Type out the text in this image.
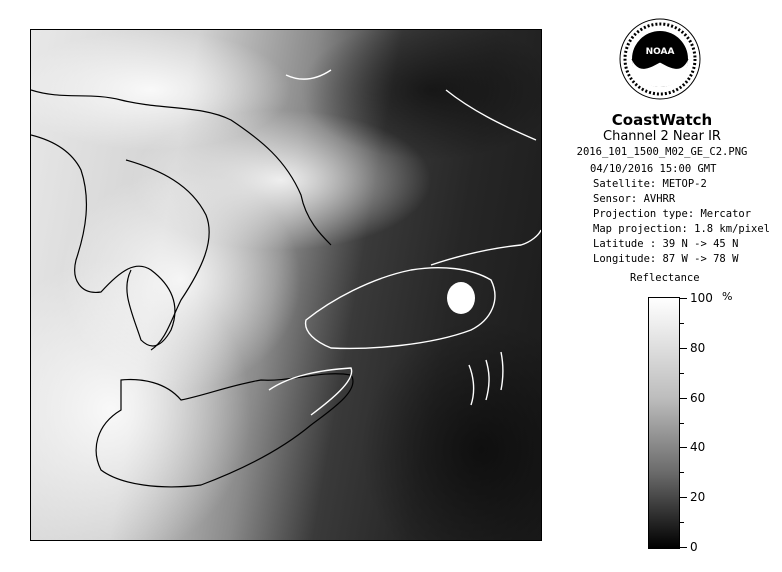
NOAA
CoastWatch
Channel 2 Near IR
2016_101_1500_M02_GE_C2.PNG
04/10/2016 15:00 GMT
Satellite: METOP-2
Sensor: AVHRR
Projection type: Mercator
Map projection: 1.8 km/pixel
Latitude : 39 N -> 45 N
Longitude: 87 W -> 78 W
Reflectance
%
100
80
60
40
20
0
